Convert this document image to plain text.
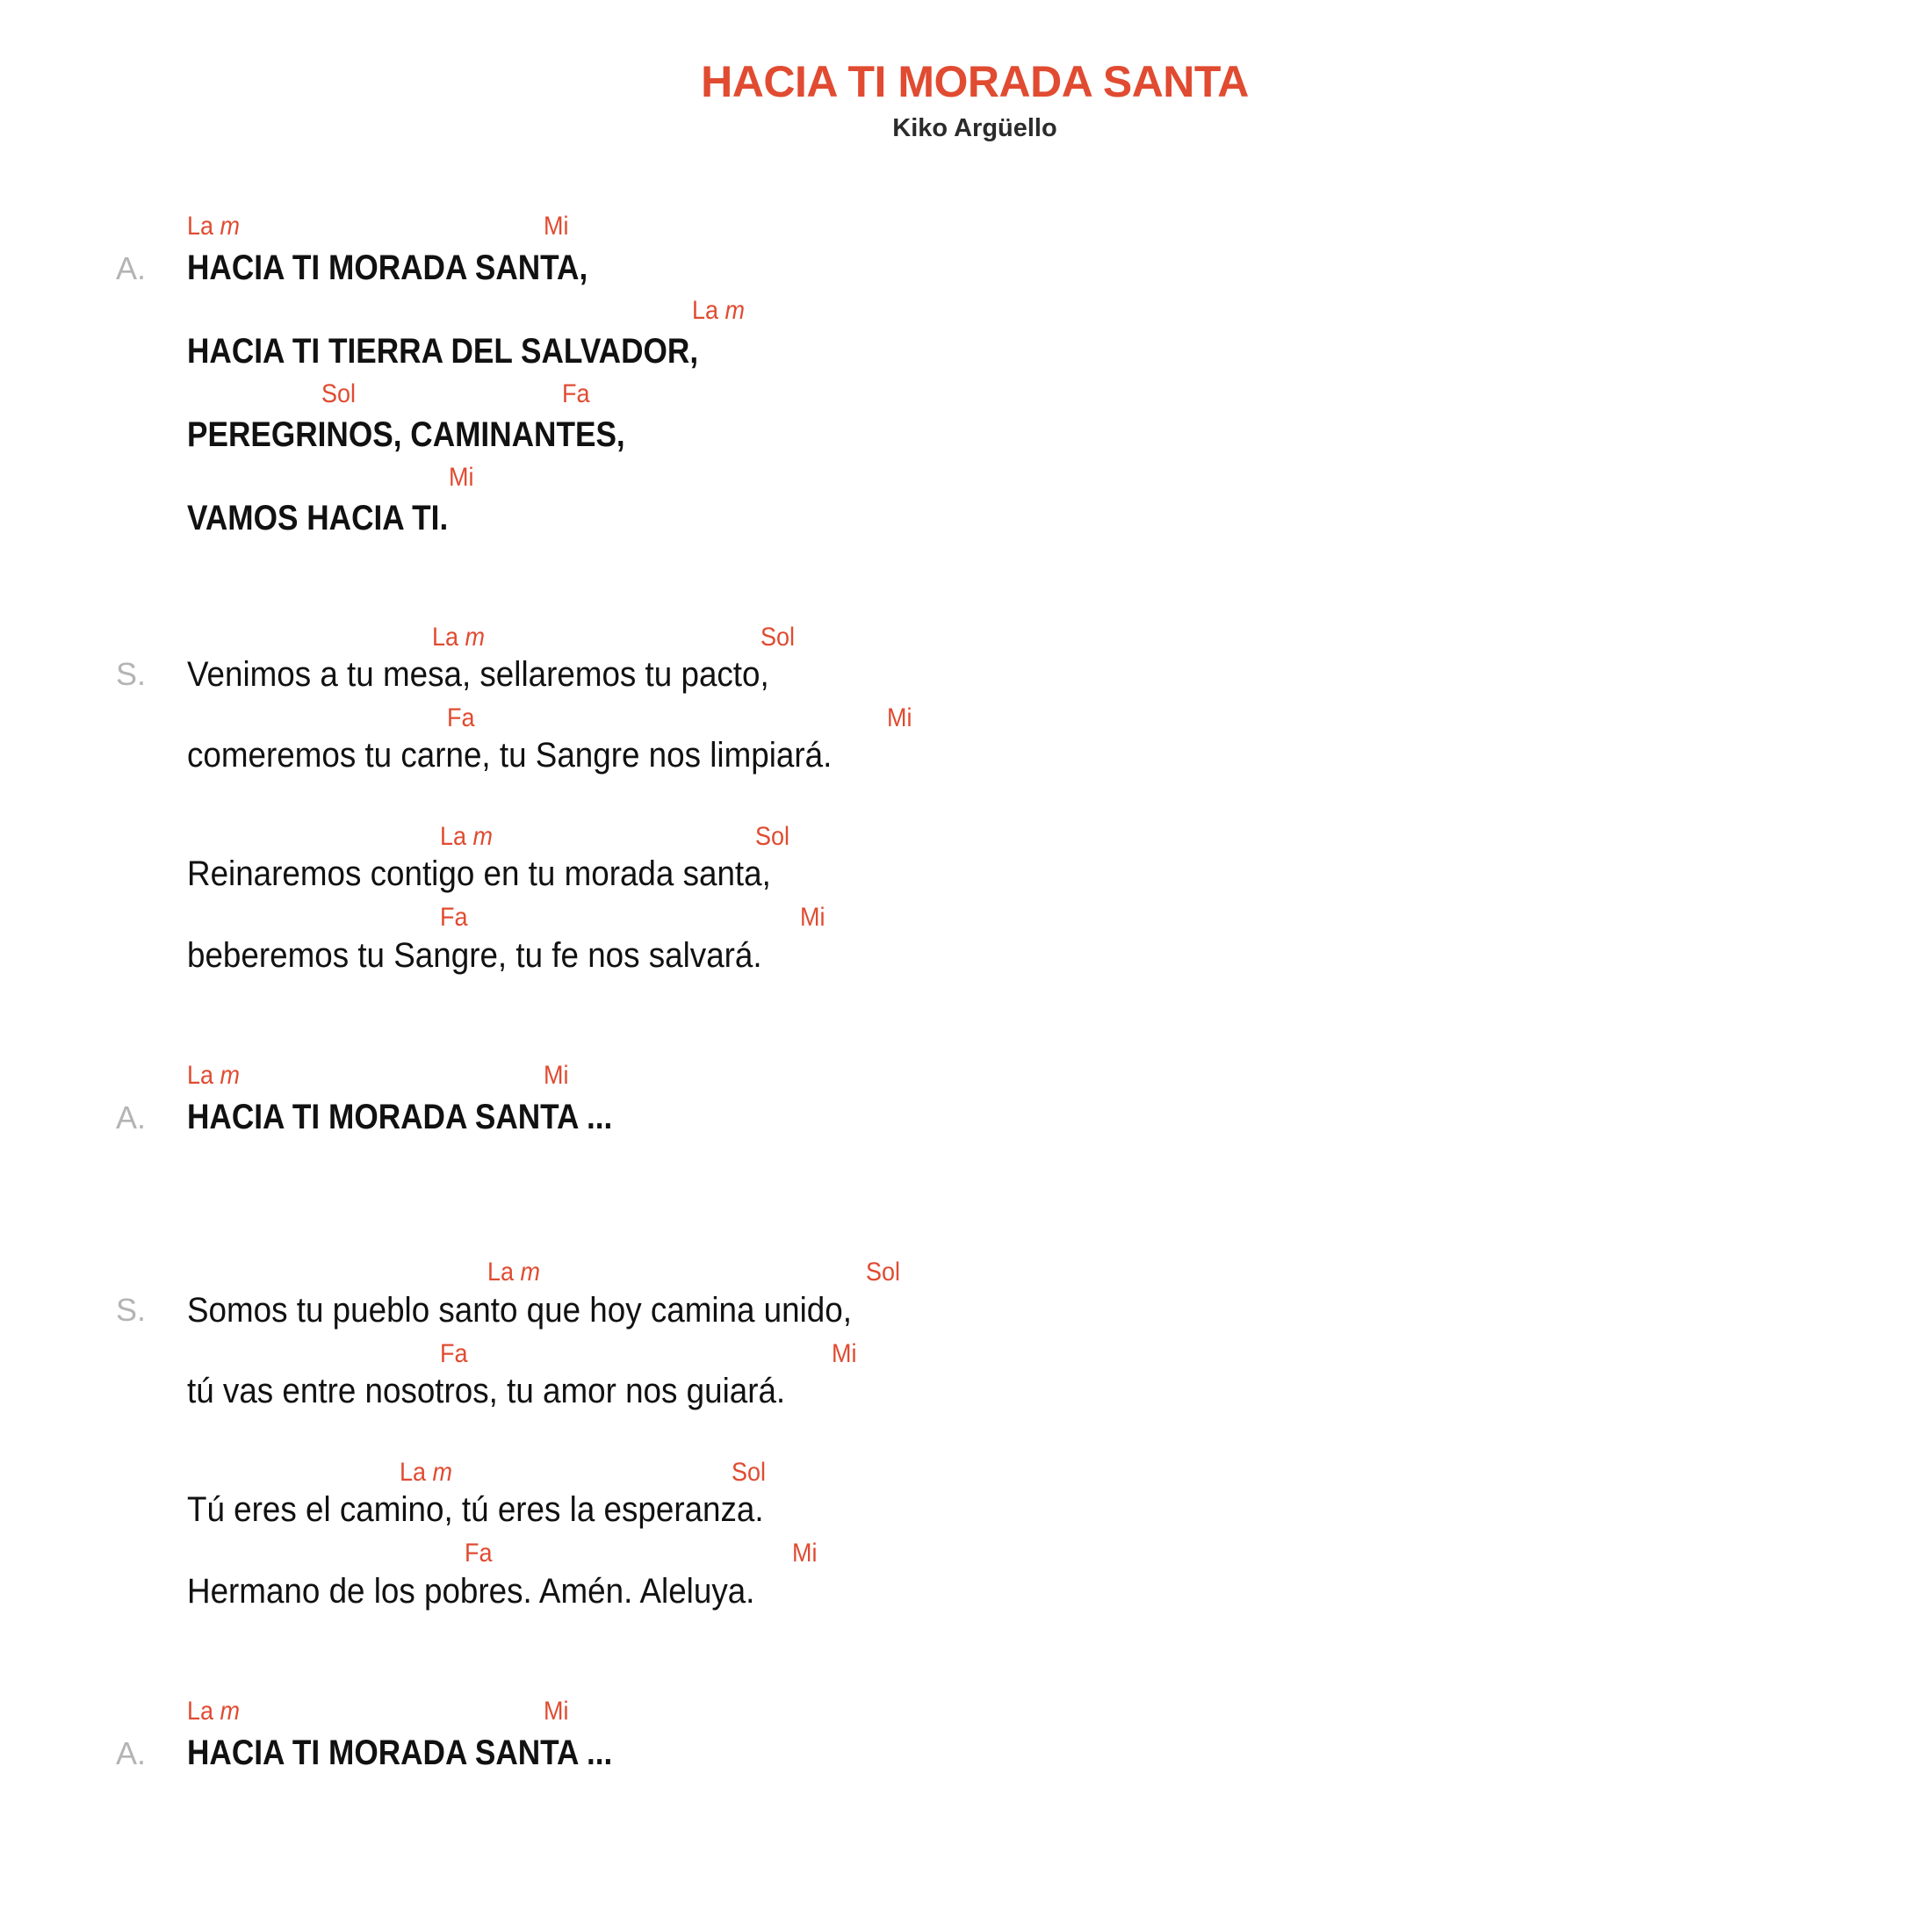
HACIA TI MORADA SANTA
Kiko Argüello
A.
La m	Mi
HACIA TI MORADA SANTA,
La m
HACIA TI TIERRA DEL SALVADOR,
Sol	Fa
PEREGRINOS, CAMINANTES,
Mi
VAMOS HACIA TI.
S.
La m	Sol
Venimos a tu mesa, sellaremos tu pacto,
Fa	Mi
comeremos tu carne, tu Sangre nos limpiará.
La m	Sol
Reinaremos contigo en tu morada santa,
Fa	Mi
beberemos tu Sangre, tu fe nos salvará.
A.
La m	Mi
HACIA TI MORADA SANTA ...
S.
La m	Sol
Somos tu pueblo santo que hoy camina unido,
Fa	Mi
tú vas entre nosotros, tu amor nos guiará.
La m	Sol
Tú eres el camino, tú eres la esperanza.
Fa	Mi
Hermano de los pobres. Amén. Aleluya.
A.
La m	Mi
HACIA TI MORADA SANTA ...
